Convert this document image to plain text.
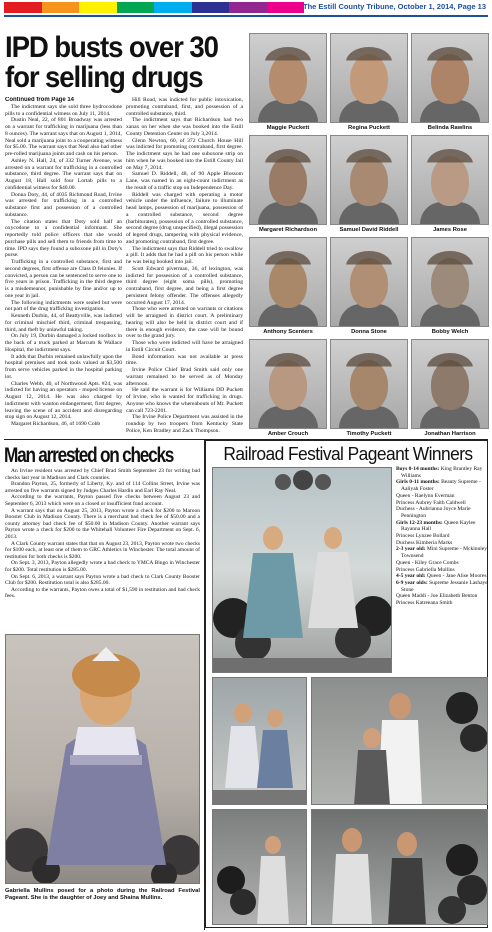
The Estill County Tribune, October 1, 2014, Page 13
IPD busts over 30 for selling drugs

Continued from Page 14

The indictment says she sold three hydrocodone pills to a confidential witness on July 11, 2014.

Dustin Neal, 22, of 801 Broadway was arrested on a warrant for trafficking in marijuana (less than 8 ounces). The warrant says that on August 1, 2014, Neal sold a marijuana joint to a cooperating witness for $5.00. The warrant says that Neal also had other pre-rolled marijuana joints and cash on his person.

Ashley N. Hall, 24, of 332 Turner Avenue, was arrested on a warrant for trafficking in a controlled substance, third degree. The warrant says that on August 18, Hall sold four Lortab pills to a confidential witness for $40.00.

Donna Doty, 44, of 4035 Richmond Road, Irvine was arrested for trafficking in a controlled substance first and possession of a controlled substance.

The citation states that Doty sold half an oxycodone to a confidential informant. She reportedly told police officers that she would purchase pills and sell them to friends from time to time. IPD says they found a suboxone pill in Doty's purse.

Trafficking in a controlled substance, first and second degrees, first offense are Class D felonies. If convicted, a person can be sentenced to serve one to five years in prison. Trafficking in the third degree is a misdemeanor, punishable by fine and/or up to one year in jail.

The following indictments were sealed but were not part of the drug trafficking investigation.

Kenneth Durbin, 44, of Beattyville, was indicted for criminal mischief third, criminal trespassing, third, and theft by unlawful taking.

On July 19, Durbin damaged a locked toolbox in the back of a truck parked at Marcum & Wallace Hospital, the indictment says.

It adds that Durbin remained unlawfully upon the hospital premises and took tools valued at $3,500 from serve vehicles parked in the hospital parking lot.

Charles Webb, 40, of Northwood Apts. #24, was indicted for having an operators - moped license on August 12, 2014. He was also charged by indictment with wanton endangerment, first degree, leaving the scene of an accident and disregarding stop sign on August 12, 2014.

Margaret Richardson, 46, of 1690 Cobb

Hill Road, was indicted for public intoxication, promoting contraband, first, and possession of a controlled substance, third.

The indictment says that Richardson had two xanax on her when she was booked into the Estill County Detention Center on July 3,2014.

Glenn Newton, 60, of 372 Church House Hill was indicted for promoting contraband, first degree. The indictment says he had one suboxone strip on him when he was booked into the Estill County Jail on May 7, 2014.

Samuel D. Riddell, 48, of 90 Apple Blossom Lane, was named in an eight-count indictment as the result of a traffic stop on Independence Day.

Riddell was charged with operating a motor vehicle under the influence, failure to illuminate head lamps, possession of marijuana, possession of a controlled substance, second degree (barbiturates), possession of a controlled substance, second degree (drug unspecified), illegal possession of legend drugs, tampering with physical evidence, and promoting contraband, first degree.

The indictment says that Riddell tried to swallow a pill. It adds that he had a pill on his person while he was being booked into jail.

Scott Edward piverman, 36, of lexington, was indicted for possession of a controlled substance, third degree (eight soma pills), promoting contraband, first degree, and being a first degree persistent felony offender. The offenses allegedly occurred August 17, 2014.

Those who were arrested on warrants or citations will be arraigned in district court. A preliminary hearing will also be held in district court and if there is enough evidence, the case will be bound over to the grand jury.

Those who were indicted will have be arraigned in Estill Circuit Court.

Bond information was not available at press time.

Irvine Police Chief Brad Smith said only one warrant remained to be served as of Monday afternoon.

He said the warrant is for Williams DD Puckett of Irvine, who is wanted for trafficking in drugs. Anyone who knows the whereabouts of Mr. Puckett can call 723-2201.

The Irvine Police Department was assisted in the roundup by two troopers from Kentucky State Police, Ken Bradley and Zack Thompson.

Maggie Puckett	Regina Puckett	Belinda Rawlins
Margaret Richardson	Samuel David Riddell	James Rose
Anthony Scenters	Donna Stone	Bobby Welch
Amber Crouch	Timothy Puckett	Jonathan Harrison
Man arrested on checks

An Irvine resident was arrested by Chief Brad Smith September 23 for writing bad checks last year in Madison and Clark counties.

Brandon Payton, 25, formerly of Liberty, Ky. and of 114 Collins Street, Irvine was arrested on five warrants signed by Judges Charles Hardin and Earl Ray Neal.

According to the warrants, Payton passed five checks between August 23 and September 6, 2013 which were on a closed or insufficient fund account.

A warrant says that on August 25, 2013, Payton wrote a check for $200 to Maroon Booster Club in Madison County. There is a merchant bad check fee of $50.00 and a county attorney bad check fee of $50.00 in Madison County. Another warrant says Payton wrote a check for $200 to the Whitehall Volunteer Fire Department on Sept. 6, 2013.

A Clark County warrant states that that on August 23, 2013, Payton wrote two checks for $100 each, at least one of them to GRC Athletics in Winchester. The total amount of restitution for both checks is $200.

On Sept. 3, 2013, Payton allegedly wrote a bad check to YMCA Bingo in Winchester for $200. Total restitution is $285.00.

On Sept. 6, 2013, a warrant says Payton wrote a bad check to Clark County Booster Club for $200. Restitution total is also $285.00.

According to the warrants, Payton owes a total of $1,590 in restitution and bad check fees.

Gabriella Mullins posed for a photo during the Railroad Festival Pageant. She is the daughter of Joey and Shaina Mullins.
Railroad Festival Pageant Winners

Boys 0-14 months: King Brantley Ray Williams

Girls 0-11 months: Beauty Supreme - Aaliyah Foster

Queen - Raelynn Everman

Princess Aubrey Faith Caldwell

Duchess - Aubrianna Joyce Marie Pennington

Girls 12-23 months: Queen Kaylee Rayanna Hall

Princess Lynzee Bollard

Duchess Kimberia Marks

2-3 year old: Mini Supreme - Mckinnley Townsend

Queen - Kiley Grace Combs

Princess Gabriella Mullins

4-5 year old: Queen - Jane Alise Moores

6-9 year olds: Supreme Jessanie Lashaye Stone

Queen Maddi - Joe Elizabeth Benton

Princess Katreeana Smith
